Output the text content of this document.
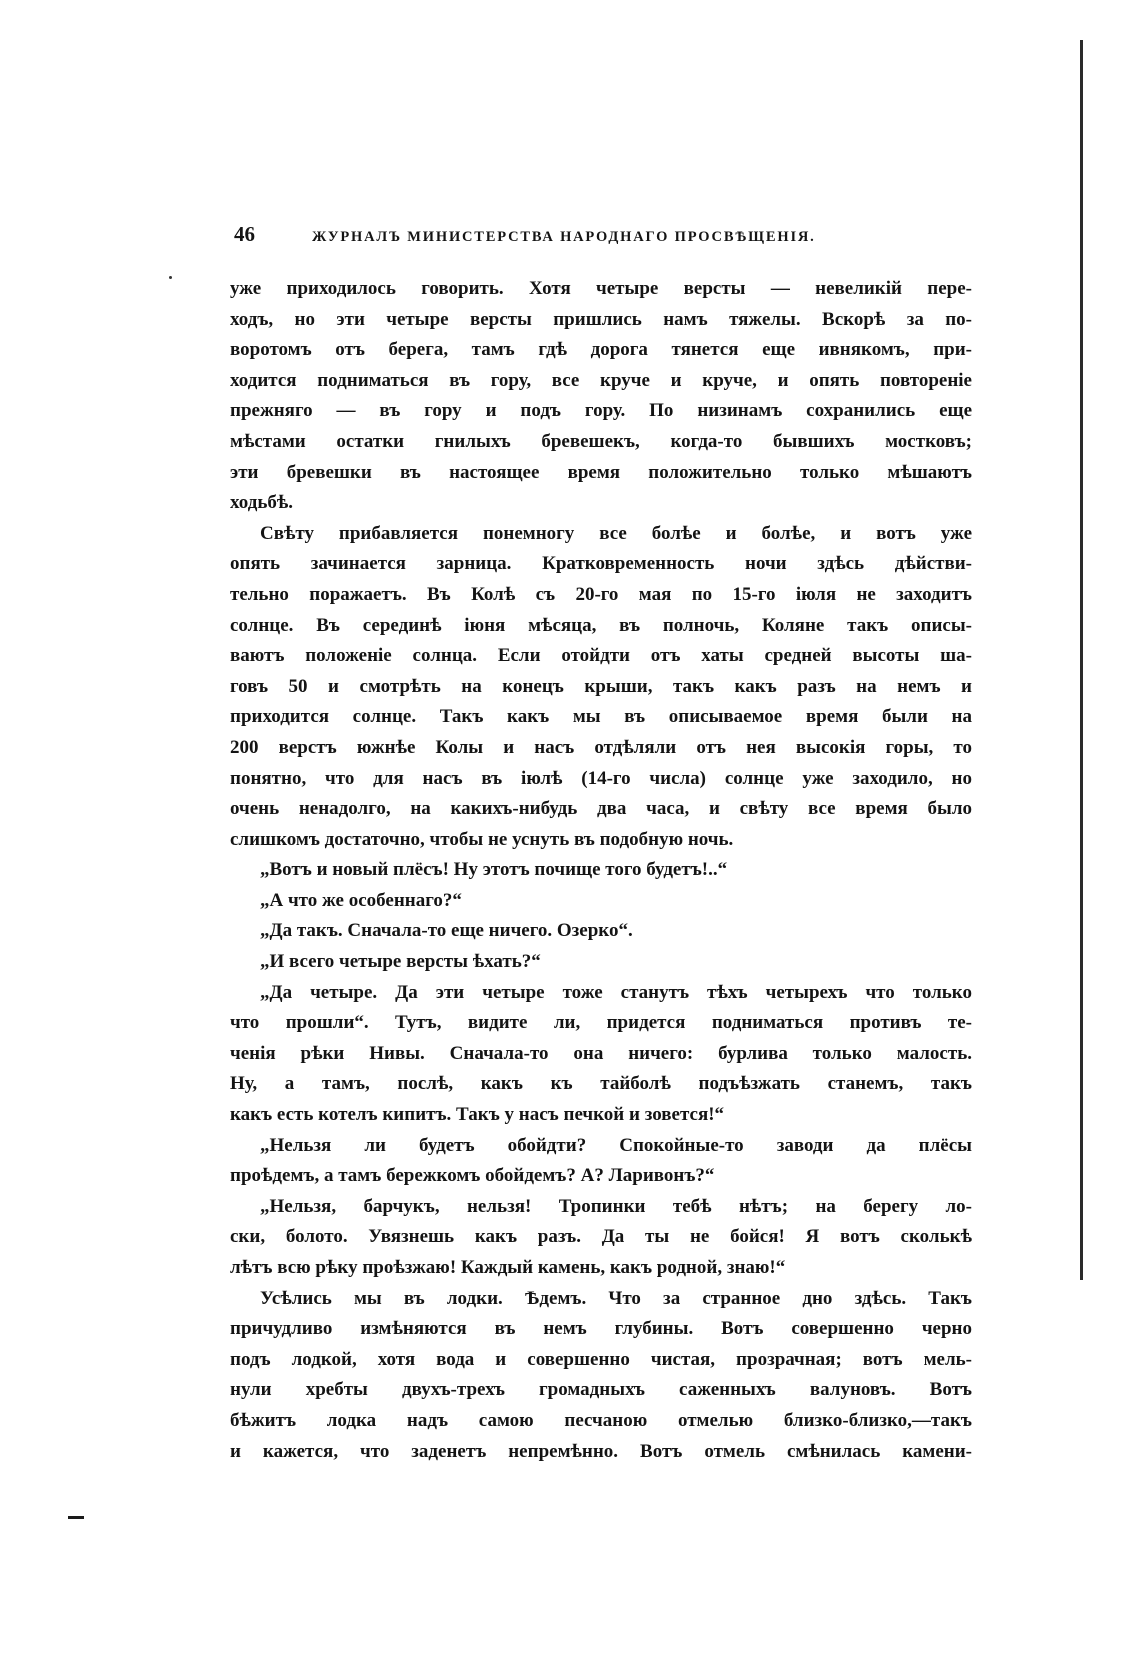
46	ЖУРНАЛЪ МИНИСТЕРСТВА НАРОДНАГО ПРОСВѢЩЕНІЯ.
уже приходилось говорить. Хотя четыре версты — невеликій пере-
ходъ, но эти четыре версты пришлись намъ тяжелы. Вскорѣ за по-
воротомъ отъ берега, тамъ гдѣ дорога тянется еще ивнякомъ, при-
ходится подниматься въ гору, все круче и круче, и опять повтореніе
прежняго — въ гору и подъ гору. По низинамъ сохранились еще
мѣстами остатки гнилыхъ бревешекъ, когда-то бывшихъ мостковъ;
эти бревешки въ настоящее время положительно только мѣшаютъ
ходьбѣ.
Свѣту прибавляется понемногу все болѣе и болѣе, и вотъ уже
опять зачинается зарница. Кратковременность ночи здѣсь дѣйстви-
тельно поражаетъ. Въ Колѣ съ 20-го мая по 15-го іюля не заходитъ
солнце. Въ серединѣ іюня мѣсяца, въ полночь, Коляне такъ описы-
ваютъ положеніе солнца. Если отойдти отъ хаты средней высоты ша-
говъ 50 и смотрѣть на конецъ крыши, такъ какъ разъ на немъ и
приходится солнце. Такъ какъ мы въ описываемое время были на
200 верстъ южнѣе Колы и насъ отдѣляли отъ нея высокія горы, то
понятно, что для насъ въ іюлѣ (14-го числа) солнце уже заходило, но
очень ненадолго, на какихъ-нибудь два часа, и свѣту все время было
слишкомъ достаточно, чтобы не уснуть въ подобную ночь.
„Вотъ и новый плёсъ! Ну этотъ почище того будетъ!..“
„А что же особеннаго?“
„Да такъ. Сначала-то еще ничего. Озерко“.
„И всего четыре версты ѣхать?“
„Да четыре. Да эти четыре тоже станутъ тѣхъ четырехъ что только
что прошли“. Тутъ, видите ли, придется подниматься противъ те-
ченія рѣки Нивы. Сначала-то она ничего: бурлива только малость.
Ну, а тамъ, послѣ, какъ къ тайболѣ подъѣзжать станемъ, такъ
какъ есть котелъ кипитъ. Такъ у насъ печкой и зовется!“
„Нельзя ли будетъ обойдти? Спокойные-то заводи да плёсы
проѣдемъ, а тамъ бережкомъ обойдемъ? А? Ларивонъ?“
„Нельзя, барчукъ, нельзя! Тропинки тебѣ нѣтъ; на берегу ло-
ски, болото. Увязнешь какъ разъ. Да ты не бойся! Я вотъ сколькѣ
лѣтъ всю рѣку проѣзжаю! Каждый камень, какъ родной, знаю!“
Усѣлись мы въ лодки. Ѣдемъ. Что за странное дно здѣсь. Такъ
причудливо измѣняются въ немъ глубины. Вотъ совершенно черно
подъ лодкой, хотя вода и совершенно чистая, прозрачная; вотъ мель-
нули хребты двухъ-трехъ громадныхъ саженныхъ валуновъ. Вотъ
бѣжитъ лодка надъ самою песчаною отмелью близко-близко,—такъ
и кажется, что заденетъ непремѣнно. Вотъ отмель смѣнилась камени-
